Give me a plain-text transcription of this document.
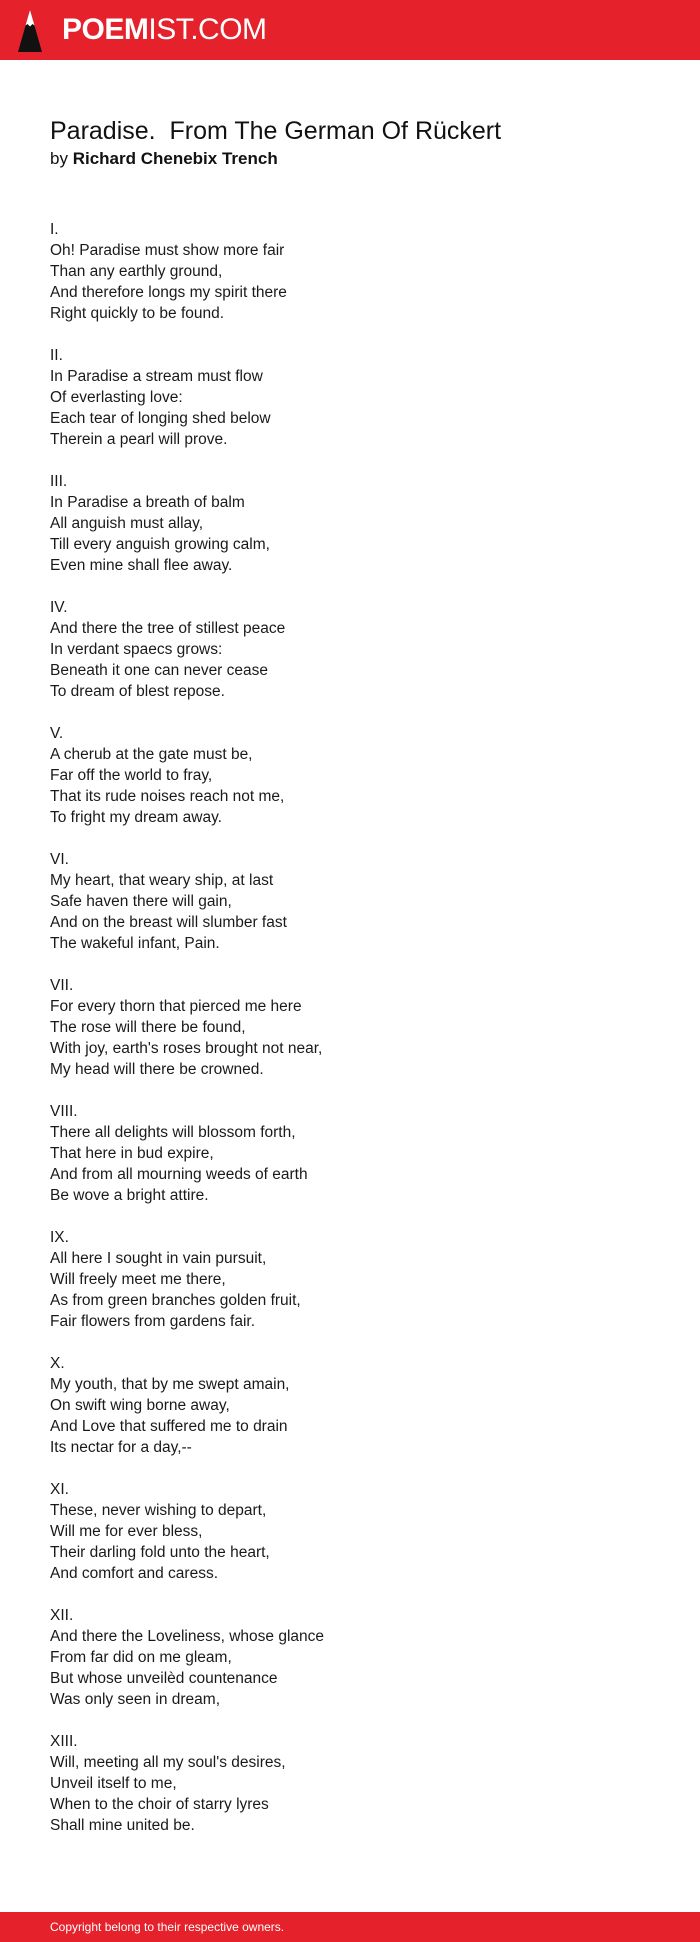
POEMIST.COM
Paradise.  From The German Of Rückert
by Richard Chenebix Trench
I.
Oh! Paradise must show more fair
Than any earthly ground,
And therefore longs my spirit there
Right quickly to be found.
II.
In Paradise a stream must flow
Of everlasting love:
Each tear of longing shed below
Therein a pearl will prove.
III.
In Paradise a breath of balm
All anguish must allay,
Till every anguish growing calm,
Even mine shall flee away.
IV.
And there the tree of stillest peace
In verdant spaecs grows:
Beneath it one can never cease
To dream of blest repose.
V.
A cherub at the gate must be,
Far off the world to fray,
That its rude noises reach not me,
To fright my dream away.
VI.
My heart, that weary ship, at last
Safe haven there will gain,
And on the breast will slumber fast
The wakeful infant, Pain.
VII.
For every thorn that pierced me here
The rose will there be found,
With joy, earth's roses brought not near,
My head will there be crowned.
VIII.
There all delights will blossom forth,
That here in bud expire,
And from all mourning weeds of earth
Be wove a bright attire.
IX.
All here I sought in vain pursuit,
Will freely meet me there,
As from green branches golden fruit,
Fair flowers from gardens fair.
X.
My youth, that by me swept amain,
On swift wing borne away,
And Love that suffered me to drain
Its nectar for a day,--
XI.
These, never wishing to depart,
Will me for ever bless,
Their darling fold unto the heart,
And comfort and caress.
XII.
And there the Loveliness, whose glance
From far did on me gleam,
But whose unveilèd countenance
Was only seen in dream,
XIII.
Will, meeting all my soul's desires,
Unveil itself to me,
When to the choir of starry lyres
Shall mine united be.
Copyright belong to their respective owners.
